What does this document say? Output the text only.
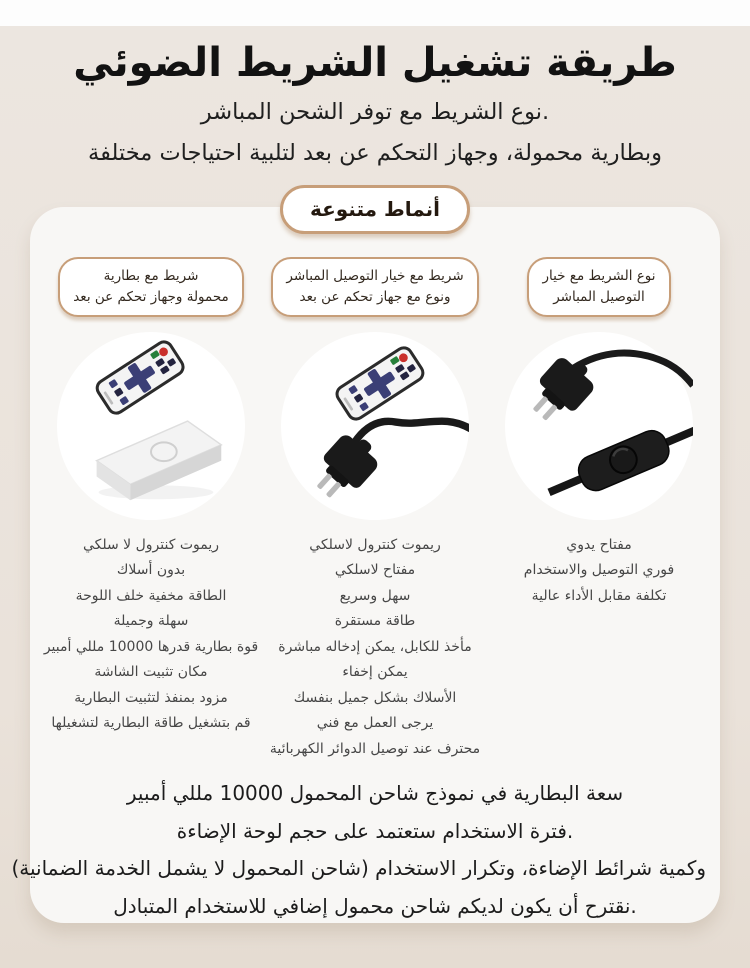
طريقة تشغيل الشريط الضوئي

.نوع الشريط مع توفر الشحن المباشر

وبطارية محمولة، وجهاز التحكم عن بعد لتلبية احتياجات مختلفة

أنماط متنوعة
نوع الشريط مع خيار
التوصيل المباشر
مفتاح يدوي
فوري التوصيل والاستخدام
تكلفة مقابل الأداء عالية
شريط مع خيار التوصيل المباشر
ونوع مع جهاز تحكم عن بعد
ريموت كنترول لاسلكي
مفتاح لاسلكي
سهل وسريع
طاقة مستقرة
مأخذ للكابل، يمكن إدخاله مباشرة
يمكن إخفاء
الأسلاك بشكل جميل بنفسك
يرجى العمل مع فني
محترف عند توصيل الدوائر الكهربائية
شريط مع بطارية
محمولة وجهاز تحكم عن بعد
ريموت كنترول لا سلكي
بدون أسلاك
الطاقة مخفية خلف اللوحة
سهلة وجميلة
قوة بطارية قدرها 10000 مللي أمبير
مكان تثبيت الشاشة
مزود بمنفذ لتثبيت البطارية
قم بتشغيل طاقة البطارية لتشغيلها
سعة البطارية في نموذج شاحن المحمول 10000 مللي أمبير
.فترة الاستخدام ستعتمد على حجم لوحة الإضاءة
وكمية شرائط الإضاءة، وتكرار الاستخدام (شاحن المحمول لا يشمل الخدمة الضمانية)
.نقترح أن يكون لديكم شاحن محمول إضافي للاستخدام المتبادل
